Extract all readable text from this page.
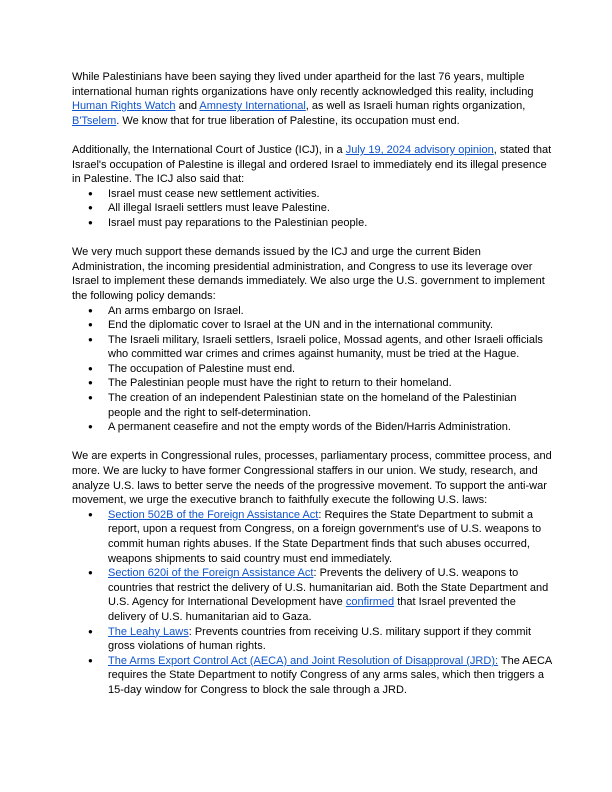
While Palestinians have been saying they lived under apartheid for the last 76 years, multiple international human rights organizations have only recently acknowledged this reality, including Human Rights Watch and Amnesty International, as well as Israeli human rights organization, B'Tselem. We know that for true liberation of Palestine, its occupation must end.

Additionally, the International Court of Justice (ICJ), in a July 19, 2024 advisory opinion, stated that Israel's occupation of Palestine is illegal and ordered Israel to immediately end its illegal presence in Palestine. The ICJ also said that:

● Israel must cease new settlement activities.
● All illegal Israeli settlers must leave Palestine.
● Israel must pay reparations to the Palestinian people.

We very much support these demands issued by the ICJ and urge the current Biden Administration, the incoming presidential administration, and Congress to use its leverage over Israel to implement these demands immediately. We also urge the U.S. government to implement the following policy demands:

● An arms embargo on Israel.
● End the diplomatic cover to Israel at the UN and in the international community.
● The Israeli military, Israeli settlers, Israeli police, Mossad agents, and other Israeli officials who committed war crimes and crimes against humanity, must be tried at the Hague.
● The occupation of Palestine must end.
● The Palestinian people must have the right to return to their homeland.
● The creation of an independent Palestinian state on the homeland of the Palestinian people and the right to self-determination.
● A permanent ceasefire and not the empty words of the Biden/Harris Administration.

We are experts in Congressional rules, processes, parliamentary process, committee process, and more. We are lucky to have former Congressional staffers in our union. We study, research, and analyze U.S. laws to better serve the needs of the progressive movement. To support the anti-war movement, we urge the executive branch to faithfully execute the following U.S. laws:

● Section 502B of the Foreign Assistance Act: Requires the State Department to submit a report, upon a request from Congress, on a foreign government's use of U.S. weapons to commit human rights abuses. If the State Department finds that such abuses occurred, weapons shipments to said country must end immediately.
● Section 620i of the Foreign Assistance Act: Prevents the delivery of U.S. weapons to countries that restrict the delivery of U.S. humanitarian aid. Both the State Department and U.S. Agency for International Development have confirmed that Israel prevented the delivery of U.S. humanitarian aid to Gaza.
● The Leahy Laws: Prevents countries from receiving U.S. military support if they commit gross violations of human rights.
● The Arms Export Control Act (AECA) and Joint Resolution of Disapproval (JRD): The AECA requires the State Department to notify Congress of any arms sales, which then triggers a 15-day window for Congress to block the sale through a JRD.
